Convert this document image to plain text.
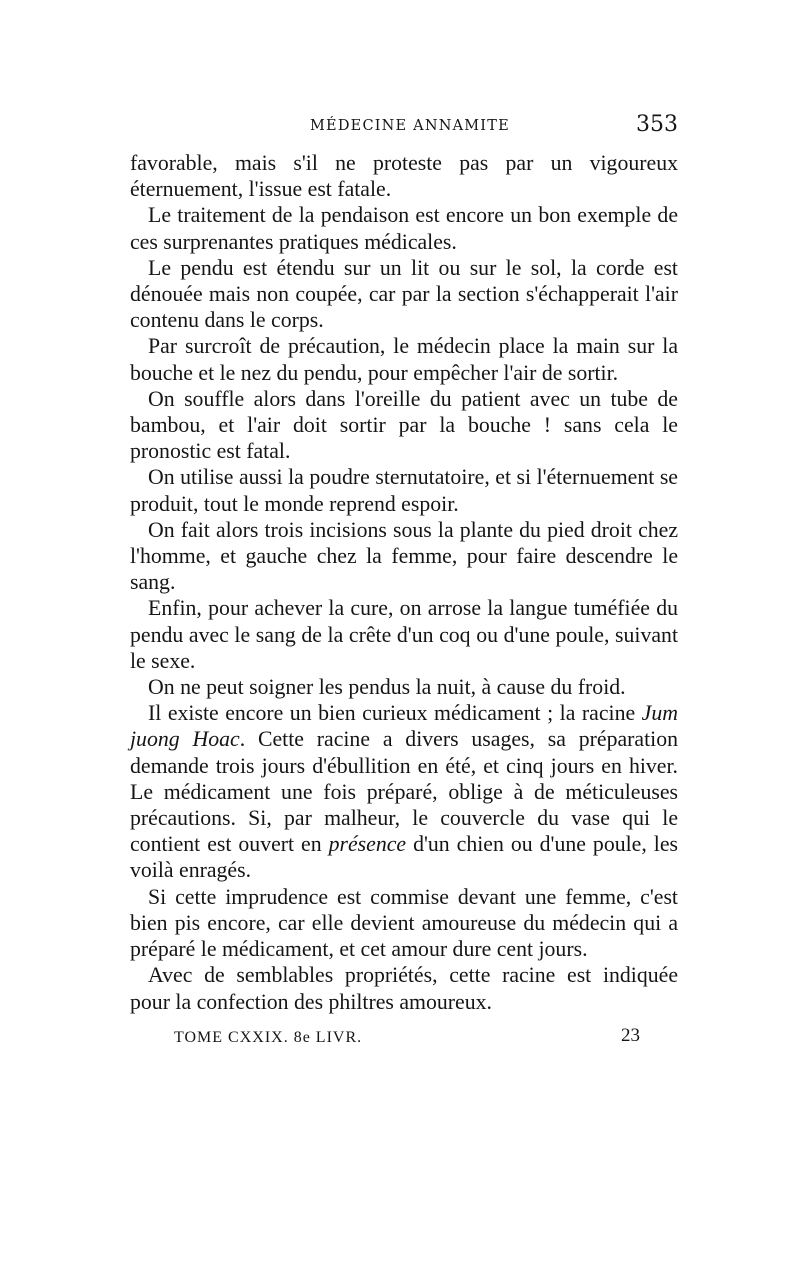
MÉDECINE ANNAMITE	353

favorable, mais s'il ne proteste pas par un vigoureux éternuement, l'issue est fatale.

Le traitement de la pendaison est encore un bon exemple de ces surprenantes pratiques médicales.

Le pendu est étendu sur un lit ou sur le sol, la corde est dénouée mais non coupée, car par la section s'échapperait l'air contenu dans le corps.

Par surcroît de précaution, le médecin place la main sur la bouche et le nez du pendu, pour empêcher l'air de sortir.

On souffle alors dans l'oreille du patient avec un tube de bambou, et l'air doit sortir par la bouche ! sans cela le pronostic est fatal.

On utilise aussi la poudre sternutatoire, et si l'éternuement se produit, tout le monde reprend espoir.

On fait alors trois incisions sous la plante du pied droit chez l'homme, et gauche chez la femme, pour faire descendre le sang.

Enfin, pour achever la cure, on arrose la langue tuméfiée du pendu avec le sang de la crête d'un coq ou d'une poule, suivant le sexe.

On ne peut soigner les pendus la nuit, à cause du froid.

Il existe encore un bien curieux médicament ; la racine Jum juong Hoac. Cette racine a divers usages, sa préparation demande trois jours d'ébullition en été, et cinq jours en hiver. Le médicament une fois préparé, oblige à de méticuleuses précautions. Si, par malheur, le couvercle du vase qui le contient est ouvert en présence d'un chien ou d'une poule, les voilà enragés.

Si cette imprudence est commise devant une femme, c'est bien pis encore, car elle devient amoureuse du médecin qui a préparé le médicament, et cet amour dure cent jours.

Avec de semblables propriétés, cette racine est indiquée pour la confection des philtres amoureux.

TOME CXXIX. 8e LIVR.	23
